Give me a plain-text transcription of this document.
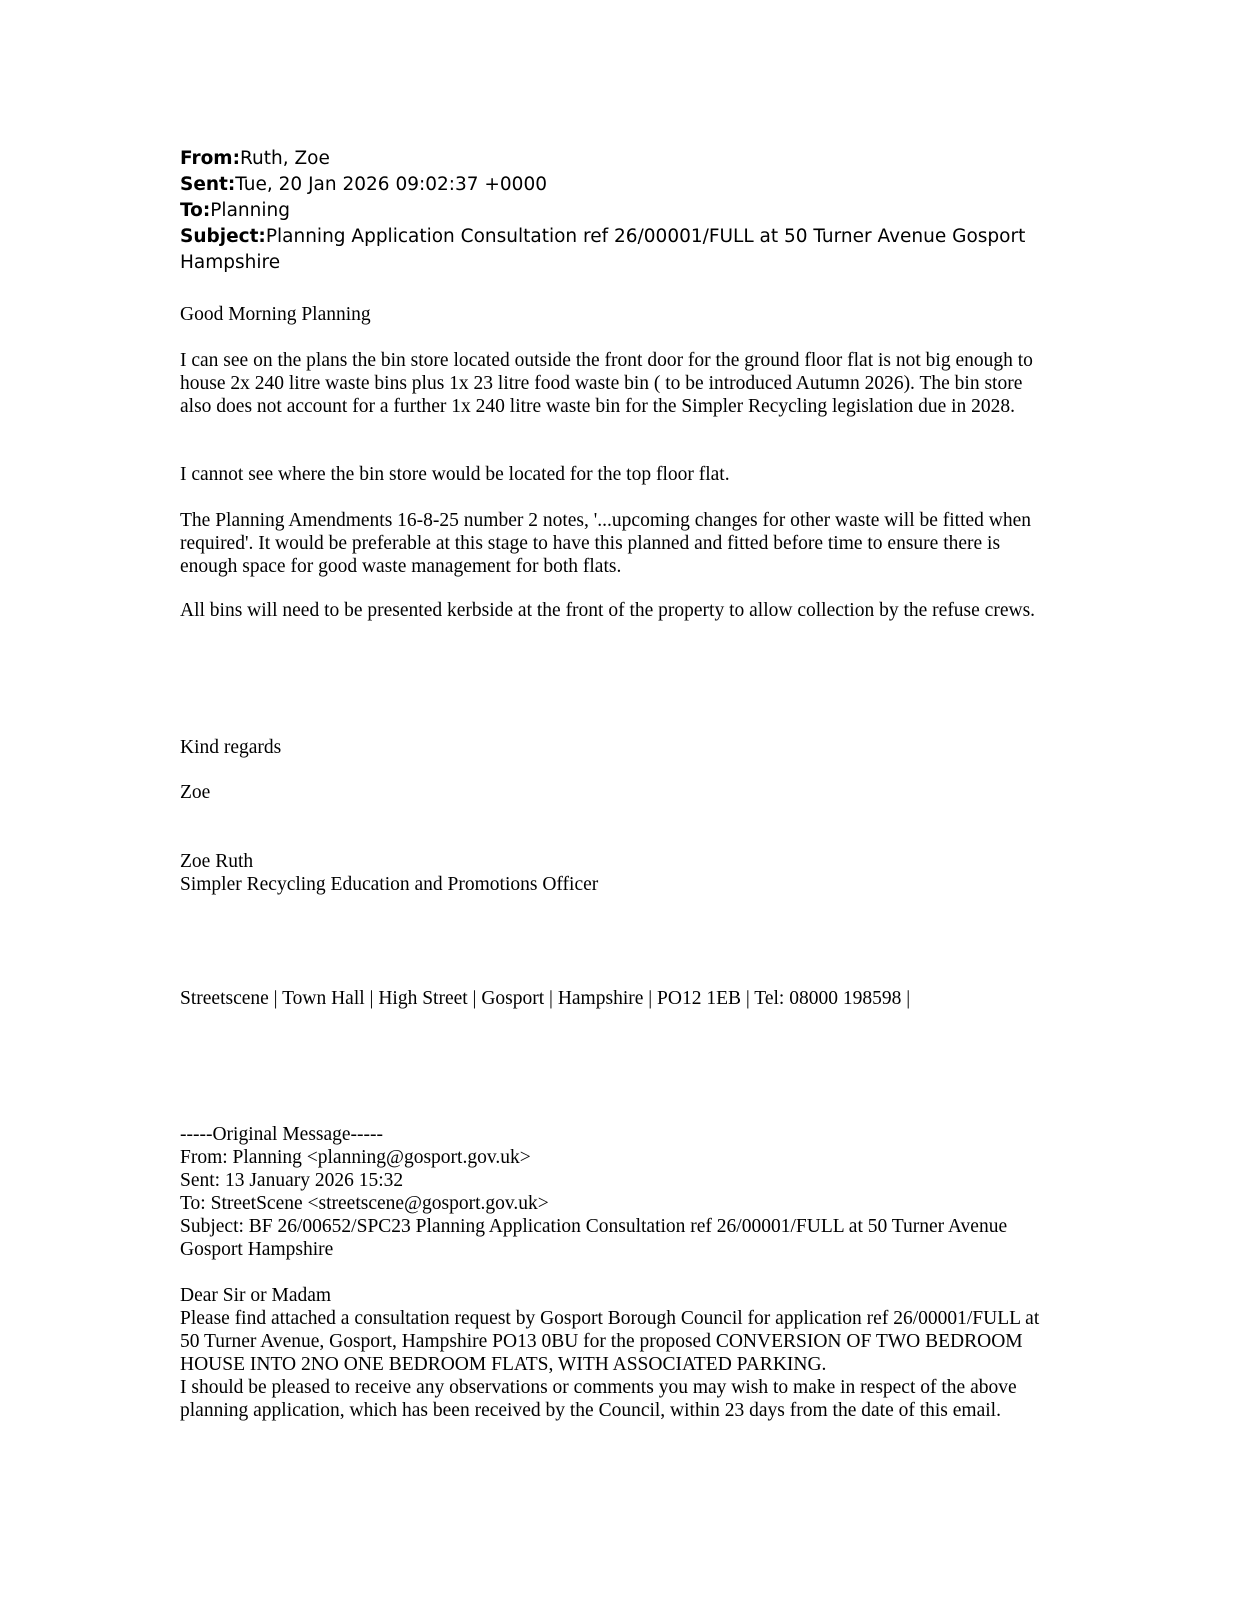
From:Ruth, Zoe

Sent:Tue, 20 Jan 2026 09:02:37 +0000

To:Planning

Subject:Planning Application Consultation ref 26/00001/FULL at 50 Turner Avenue Gosport Hampshire

Good Morning Planning

I can see on the plans the bin store located outside the front door for the ground floor flat is not big enough to house 2x 240 litre waste bins plus 1x 23 litre food waste bin ( to be introduced Autumn 2026). The bin store also does not account for a further 1x 240 litre waste bin for the Simpler Recycling legislation due in 2028.

I cannot see where the bin store would be located for the top floor flat.

The Planning Amendments 16-8-25 number 2 notes, '...upcoming changes for other waste will be fitted when required'. It would be preferable at this stage to have this planned and fitted before time to ensure there is enough space for good waste management for both flats.

All bins will need to be presented kerbside at the front of the property to allow collection by the refuse crews.

Kind regards

Zoe

Zoe Ruth

Simpler Recycling Education and Promotions Officer

Streetscene | Town Hall | High Street | Gosport | Hampshire | PO12 1EB | Tel: 08000 198598 |

-----Original Message-----
From: Planning <planning@gosport.gov.uk>
Sent: 13 January 2026 15:32
To: StreetScene <streetscene@gosport.gov.uk>
Subject: BF 26/00652/SPC23 Planning Application Consultation ref 26/00001/FULL at 50 Turner Avenue Gosport Hampshire
Dear Sir or Madam
Please find attached a consultation request by Gosport Borough Council for application ref 26/00001/FULL at 50 Turner Avenue, Gosport, Hampshire PO13 0BU for the proposed CONVERSION OF TWO BEDROOM HOUSE INTO 2NO ONE BEDROOM FLATS, WITH ASSOCIATED PARKING.
I should be pleased to receive any observations or comments you may wish to make in respect of the above planning application, which has been received by the Council, within 23 days from the date of this email.
